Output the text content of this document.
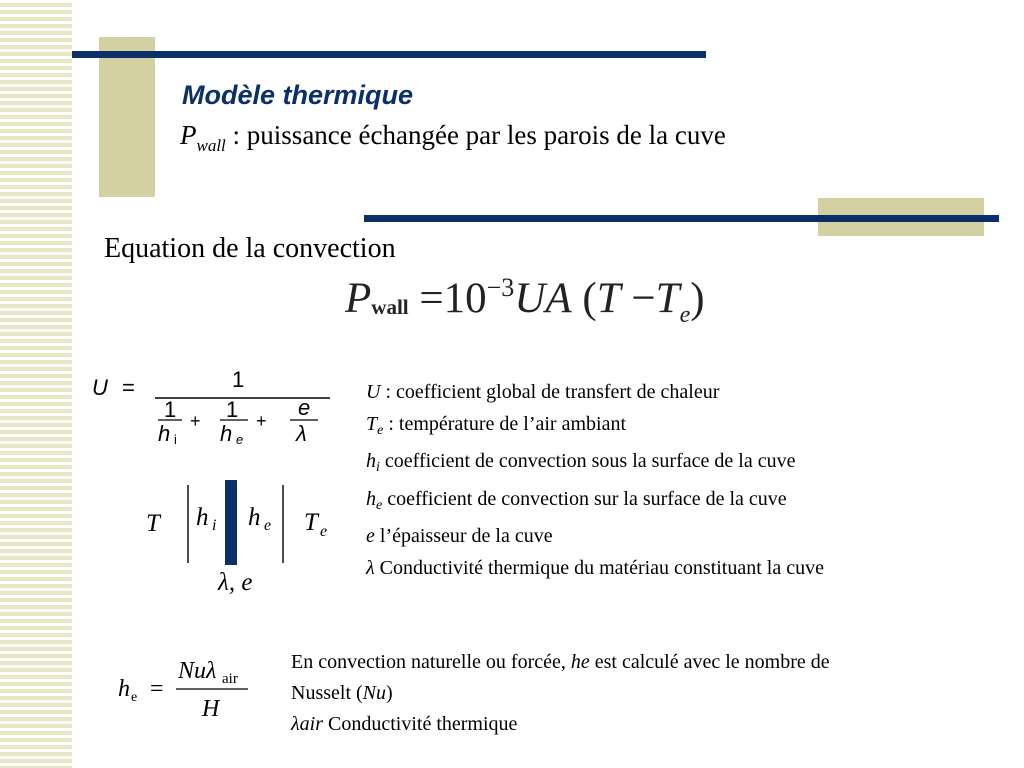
Modèle thermique
$P_{wall}$ : puissance échangée par les parois de la cuve
Equation de la convection
Pwall $=10^{-3}UA$ $(T -T_e)$
U =	1
1
h i
+ 1
h e
+
e
λ
U : coefficient global de transfert de chaleur
$T_e$ : température de l’air ambiant
$h_i$ coefficient de convection sous la surface de la cuve
$h_e$ coefficient de convection sur la surface de la cuve
e l’épaisseur de la cuve
λ Conductivité thermique du matériau constituant la cuve
T h i h e T e
λ, e
h e =
Nuλ air
H
En convection naturelle ou forcée, he est calculé avec le nombre de
Nusselt (Nu)
λair Conductivité thermique
